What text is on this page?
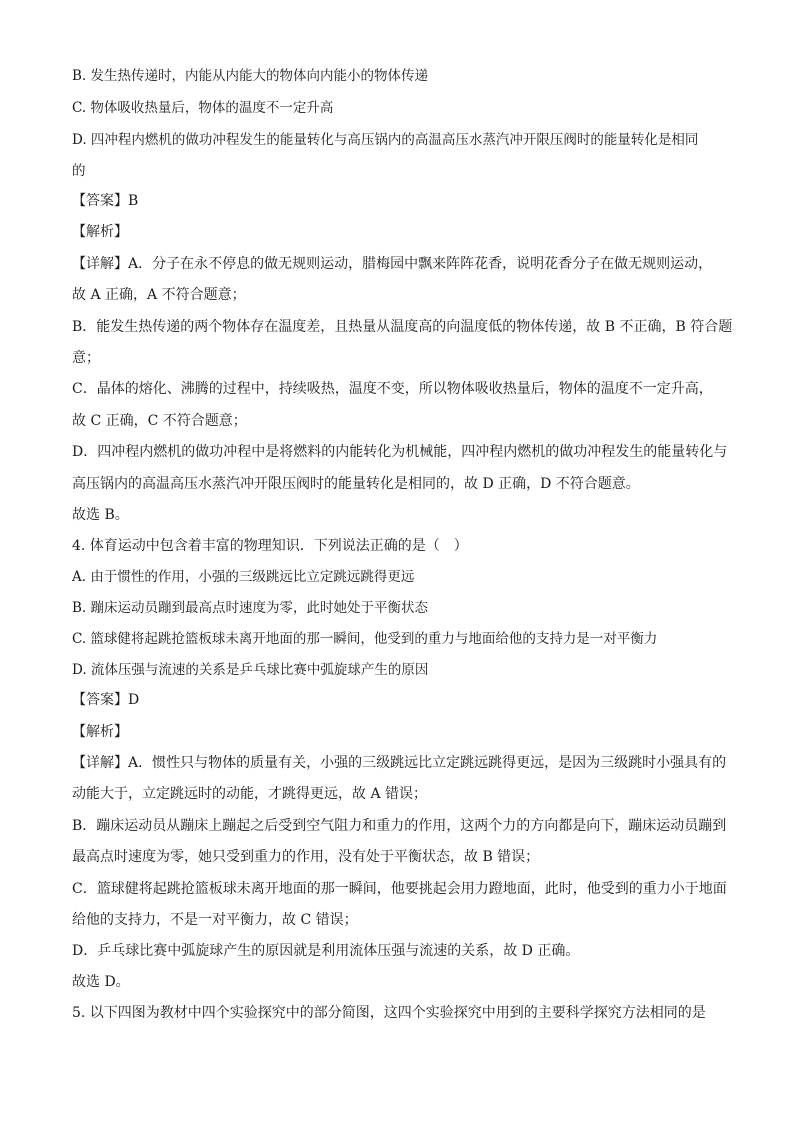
B. 发生热传递时，内能从内能大的物体向内能小的物体传递
C. 物体吸收热量后，物体的温度不一定升高
D. 四冲程内燃机的做功冲程发生的能量转化与高压锅内的高温高压水蒸汽冲开限压阀时的能量转化是相同
的
【答案】B
【解析】
【详解】A．分子在永不停息的做无规则运动，腊梅园中飘来阵阵花香，说明花香分子在做无规则运动，
故 A 正确，A 不符合题意；
B．能发生热传递的两个物体存在温度差，且热量从温度高的向温度低的物体传递，故 B 不正确，B 符合题
意；
C．晶体的熔化、沸腾的过程中，持续吸热，温度不变，所以物体吸收热量后，物体的温度不一定升高，
故 C 正确，C 不符合题意；
D．四冲程内燃机的做功冲程中是将燃料的内能转化为机械能，四冲程内燃机的做功冲程发生的能量转化与
高压锅内的高温高压水蒸汽冲开限压阀时的能量转化是相同的，故 D 正确，D 不符合题意。
故选 B。
4. 体育运动中包含着丰富的物理知识．下列说法正确的是（　）
A. 由于惯性的作用，小强的三级跳远比立定跳远跳得更远
B. 蹦床运动员蹦到最高点时速度为零，此时她处于平衡状态
C. 篮球健将起跳抢篮板球未离开地面的那一瞬间，他受到的重力与地面给他的支持力是一对平衡力
D. 流体压强与流速的关系是乒乓球比赛中弧旋球产生的原因
【答案】D
【解析】
【详解】A．惯性只与物体的质量有关，小强的三级跳远比立定跳远跳得更远，是因为三级跳时小强具有的
动能大于，立定跳远时的动能，才跳得更远，故 A 错误；
B．蹦床运动员从蹦床上蹦起之后受到空气阻力和重力的作用，这两个力的方向都是向下，蹦床运动员蹦到
最高点时速度为零，她只受到重力的作用，没有处于平衡状态，故 B 错误；
C．篮球健将起跳抢篮板球未离开地面的那一瞬间，他要挑起会用力蹬地面，此时，他受到的重力小于地面
给他的支持力，不是一对平衡力，故 C 错误；
D．乒乓球比赛中弧旋球产生的原因就是利用流体压强与流速的关系，故 D 正确。
故选 D。
5. 以下四图为教材中四个实验探究中的部分简图，这四个实验探究中用到的主要科学探究方法相同的是
